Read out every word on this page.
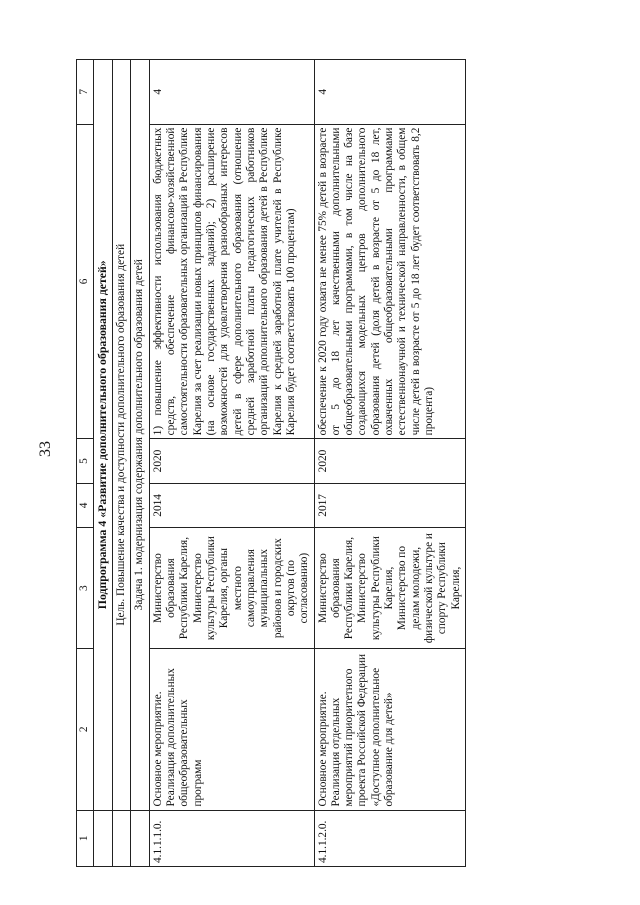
33
1	2	3	4	5	6	7
	Подпрограмма 4 «Развитие дополнительного образования детей»					
	Цель. Повышение качества и доступности дополнительного образования детей					
	Задача 1. модернизация содержания дополнительного образования детей					
4.1.1.1.0.	Основное мероприятие. Реализация дополнительных общеобразовательных программ	Министерство образования Республики Карелия, Министерство культуры Республики Карелия, органы местного самоуправления муниципальных районов и городских округов (по согласованию)	2014	2020	1) повышение эффективности использования бюджетных средств, обеспечение финансово-хозяйственной самостоятельности образовательных организаций в Республике Карелия за счет реализации новых принципов финансирования (на основе государственных заданий); 2) расширение возможностей для удовлетворения разнообразных интересов детей в сфере дополнительного образования (отношение средней заработной платы педагогических работников организаций дополнительного образования детей в Республике Карелия к средней заработной плате учителей в Республике Карелия будет соответствовать 100 процентам)	4
4.1.1.2.0.	Основное мероприятие. Реализация отдельных мероприятий приоритетного проекта Российской Федерации «Доступное дополнительное образование для детей»	Министерство образования Республики Карелия, Министерство культуры Республики Карелия, Министерство по делам молодежи, физической культуре и спорту Республики Карелия,	2017	2020	обеспечение к 2020 году охвата не менее 75% детей в возрасте от 5 до 18 лет качественными дополнительными общеобразовательными программами, в том числе на базе создающихся модельных центров дополнительного образования детей (доля детей в возрасте от 5 до 18 лет, охваченных общеобразовательными программами естественнонаучной и технической направленности, в общем числе детей в возрасте от 5 до 18 лет будет соответствовать 8,2 процента)	4
